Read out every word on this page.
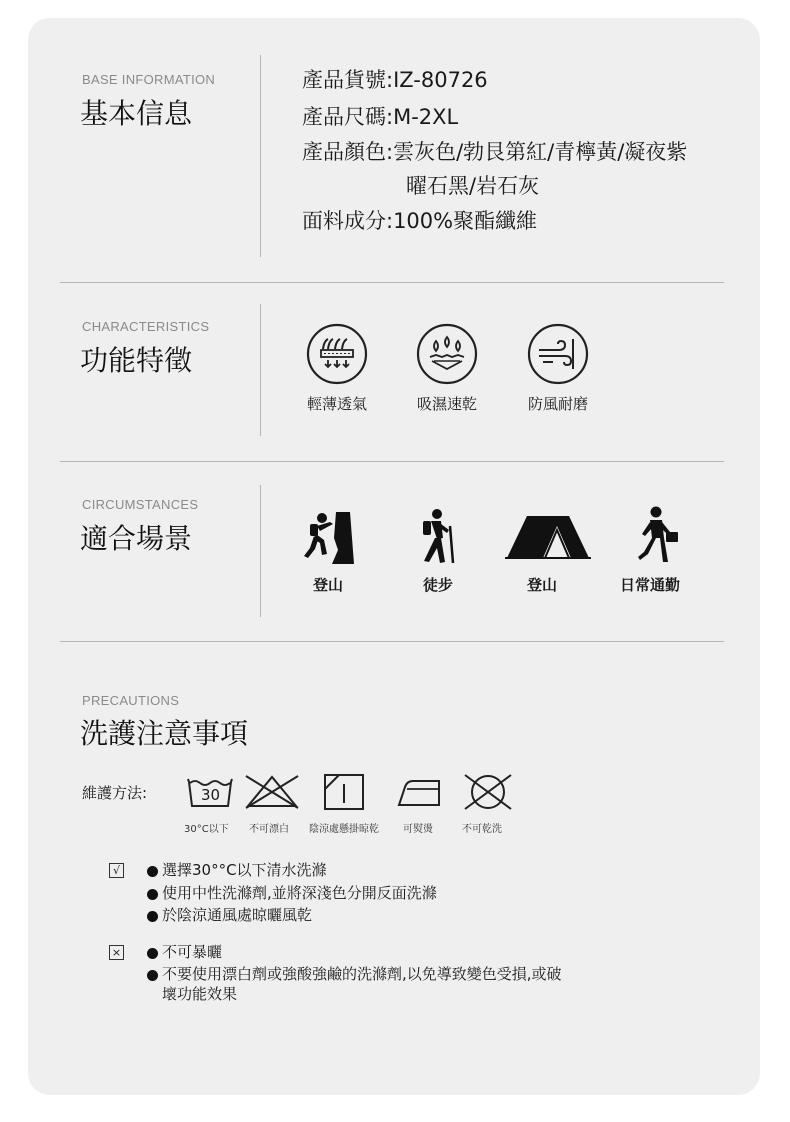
BASE INFORMATION
基本信息
產品貨號:IZ-80726
產品尺碼:M-2XL
產品顏色:雲灰色/勃艮第紅/青檸黃/凝夜紫
曜石黑/岩石灰
面料成分:100%聚酯纖維
CHARACTERISTICS
功能特徵
輕薄透氣	吸濕速乾	防風耐磨
CIRCUMSTANCES
適合場景
登山	徒步	登山	日常通勤
PRECAUTIONS
洗護注意事項
維護方法:	30
30°C以下 不可漂白 陰涼處懸掛晾乾 可熨燙	不可乾洗
√	選擇30°°C以下清水洗滌
使用中性洗滌劑,並將深淺色分開反面洗滌
於陰涼通風處晾曬風乾
×	不可暴曬
不要使用漂白劑或強酸強鹼的洗滌劑,以免導致變色受損,或破
壞功能效果
